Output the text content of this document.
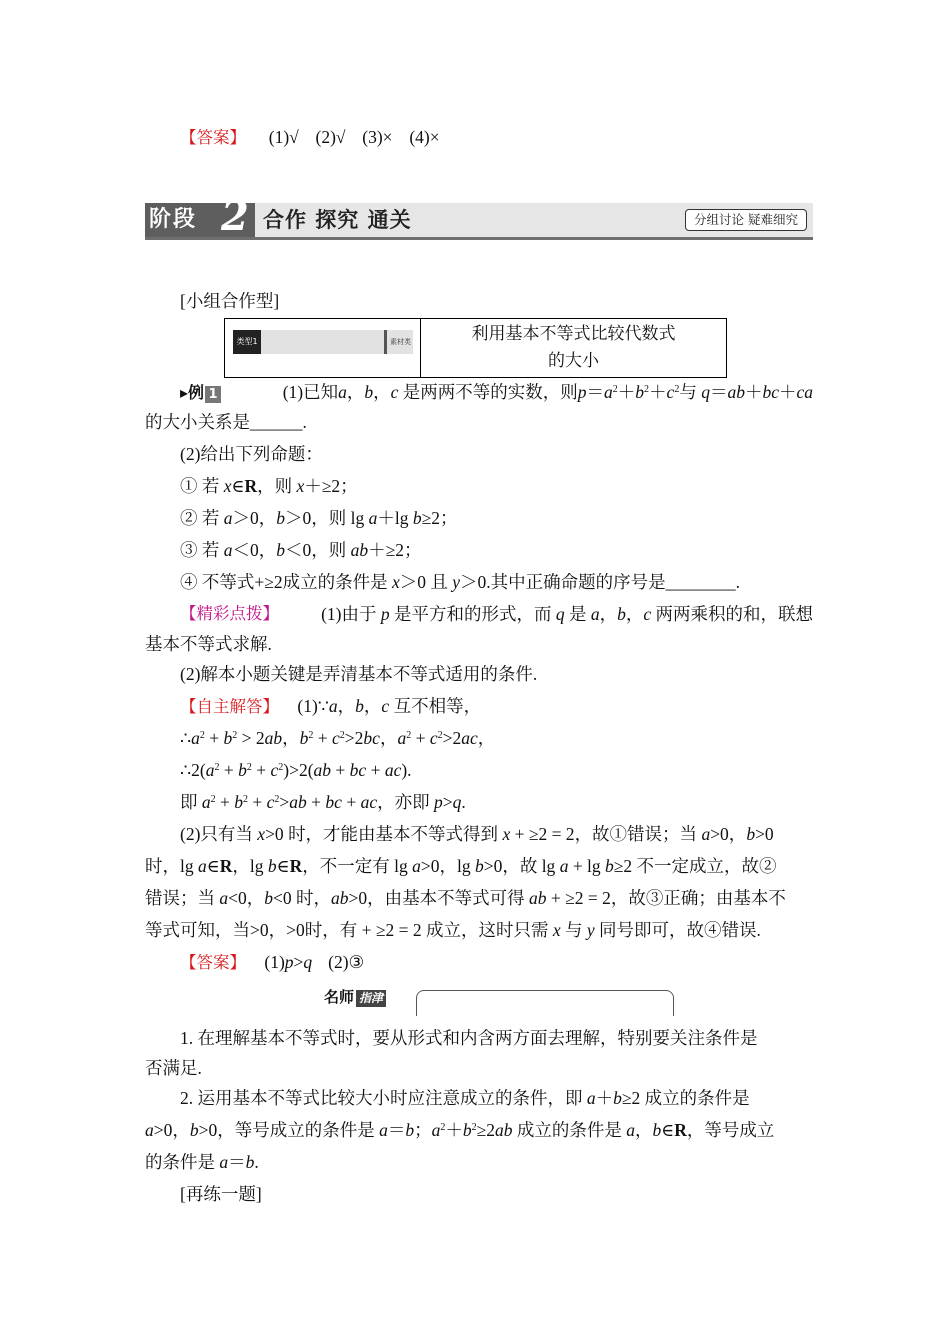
【答案】 (1)√ (2)√ (3)× (4)×
阶段 2 合作 探究 通关	分组讨论 疑难细究
[小组合作型]
类型1	素材类	利用基本不等式比较代数式
的大小
▸例 1	(1)已知a，b，c 是两两不等的实数，则$p=a^2+b^2+c^2$与 q＝ab＋bc＋ca
的大小关系是______.
(2)给出下列命题：
① 若 x∈R，则 x＋≥2；
② 若 a＞0，b＞0，则 lg a＋lg b≥2；
③ 若 a＜0，b＜0，则 ab＋≥2；
④ 不等式+≥2成立的条件是 x＞0 且 y＞0.其中正确命题的序号是________.
【精彩点拨】 (1)由于 p 是平方和的形式，而 q 是 a，b，c 两两乘积的和，联想
基本不等式求解.
(2)解本小题关键是弄清基本不等式适用的条件.
【自主解答】 (1)∵a，b，c 互不相等，
$\therefore a^2 + b^2 > 2ab$，$b^2 + c^2>2bc$，$a^2 + c^2>2ac$，
$\therefore 2(a^2 + b^2 + c^2)>2(ab$ + bc + ac).
即 $a^2 + b^2 + c^2>ab$ + bc + ac，亦即 p>q.
(2)只有当 x>0 时，才能由基本不等式得到 x + ≥2 = 2，故①错误；当 a>0，b>0
时，lg a∈R，lg b∈R，不一定有 lg a>0，lg b>0，故 lg a + lg b≥2 不一定成立，故②
错误；当 a<0，b<0 时，ab>0，由基本不等式可得 ab + ≥2 = 2，故③正确；由基本不
等式可知，当>0，>0时，有 + ≥2 = 2 成立，这时只需 x 与 y 同号即可，故④错误.
【答案】 (1)p>q (2)③
名师 指津
1. 在理解基本不等式时，要从形式和内含两方面去理解，特别要关注条件是
否满足.
2. 运用基本不等式比较大小时应注意成立的条件，即 a＋b≥2 成立的条件是
a>0，b>0，等号成立的条件是 a＝b；$a^2+b^2\ge 2ab$ 成立的条件是 a，b∈R，等号成立
的条件是 a＝b.
[再练一题]
